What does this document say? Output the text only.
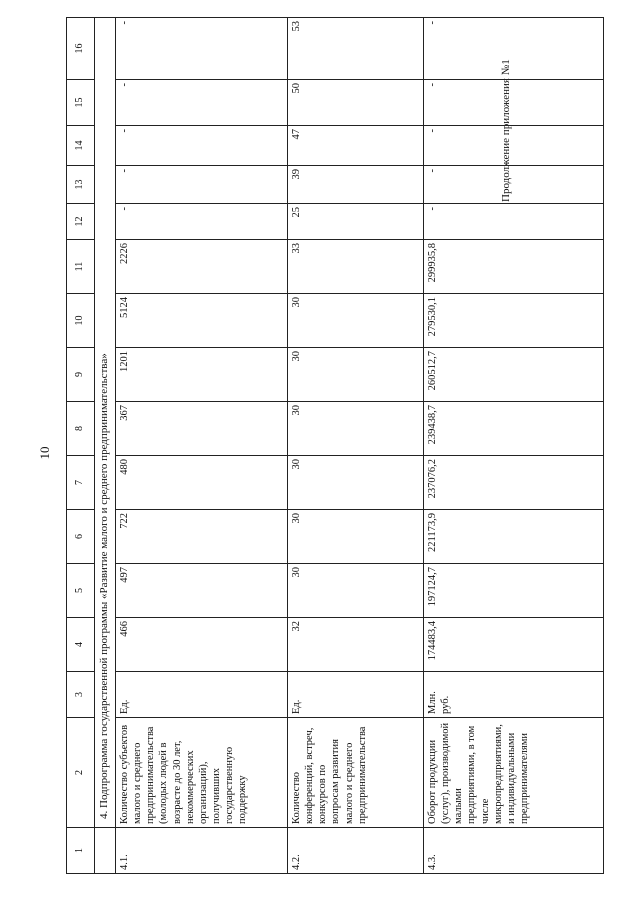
10
Продолжение приложения №1
1	2	3	4	5	6	7	8	9	10	11	12	13	14	15	16
	4. Подпрограмма государственной программы «Развитие малого и среднего предпринимательства»														
4.1.	Количество субъектов малого и среднего предпринимательства (молодых людей в возрасте до 30 лет, некоммерческих организаций), получивших государственную поддержку	Ед.	466	497	722	480	367	1201	5124	2226	-	-	-	-	-
4.2.	Количество конференций, встреч, конкурсов по вопросам развития малого и среднего предпринимательства	Ед.	32	30	30	30	30	30	30	33	25	39	47	50	53
4.3.	Оборот продукции (услуг), производимой малыми предприятиями, в том числе микропредприятиями, и индивидуальными предпринимателями	Млн. руб.	174483,4	197124,7	221173,9	237076,2	239438,7	260512,7	279530,1	299935,8	-	-	-	-	-
